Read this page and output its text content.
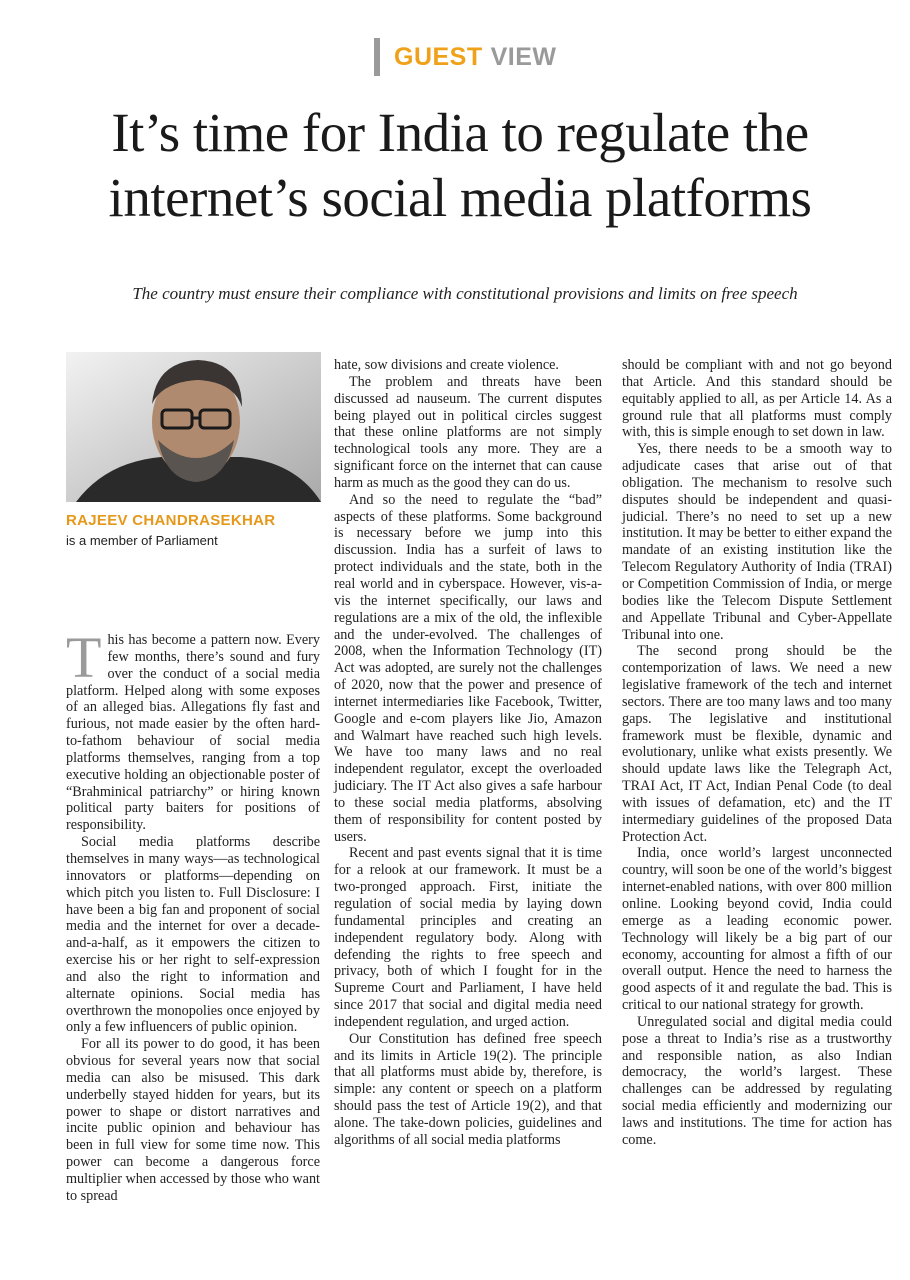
GUEST VIEW
It’s time for India to regulate the
internet’s social media platforms

The country must ensure their compliance with constitutional provisions and limits on free speech

RAJEEV CHANDRASEKHAR
is a member of Parliament

This has become a pattern now. Every few months, there’s sound and fury over the conduct of a social media platform. Helped along with some exposes of an alleged bias. Allegations fly fast and furious, not made easier by the often hard-to-fathom behaviour of social media platforms themselves, ranging from a top executive holding an objectionable poster of “Brahminical patriarchy” or hiring known political party baiters for positions of responsibility.

Social media platforms describe themselves in many ways—as technological innovators or platforms—depending on which pitch you listen to. Full Disclosure: I have been a big fan and proponent of social media and the internet for over a decade-and-a-half, as it empowers the citizen to exercise his or her right to self-expression and also the right to information and alternate opinions. Social media has overthrown the monopolies once enjoyed by only a few influencers of public opinion.

For all its power to do good, it has been obvious for several years now that social media can also be misused. This dark underbelly stayed hidden for years, but its power to shape or distort narratives and incite public opinion and behaviour has been in full view for some time now. This power can become a dangerous force multiplier when accessed by those who want to spread

hate, sow divisions and create violence.

The problem and threats have been discussed ad nauseum. The current disputes being played out in political circles suggest that these online platforms are not simply technological tools any more. They are a significant force on the internet that can cause harm as much as the good they can do us.

And so the need to regulate the “bad” aspects of these platforms. Some background is necessary before we jump into this discussion. India has a surfeit of laws to protect individuals and the state, both in the real world and in cyberspace. However, vis-a-vis the internet specifically, our laws and regulations are a mix of the old, the inflexible and the under-evolved. The challenges of 2008, when the Information Technology (IT) Act was adopted, are surely not the challenges of 2020, now that the power and presence of internet intermediaries like Facebook, Twitter, Google and e-com players like Jio, Amazon and Walmart have reached such high levels. We have too many laws and no real independent regulator, except the overloaded judiciary. The IT Act also gives a safe harbour to these social media platforms, absolving them of responsibility for content posted by users.

Recent and past events signal that it is time for a relook at our framework. It must be a two-pronged approach. First, initiate the regulation of social media by laying down fundamental principles and creating an independent regulatory body. Along with defending the rights to free speech and privacy, both of which I fought for in the Supreme Court and Parliament, I have held since 2017 that social and digital media need independent regulation, and urged action.

Our Constitution has defined free speech and its limits in Article 19(2). The principle that all platforms must abide by, therefore, is simple: any content or speech on a platform should pass the test of Article 19(2), and that alone. The take-down policies, guidelines and algorithms of all social media platforms

should be compliant with and not go beyond that Article. And this standard should be equitably applied to all, as per Article 14. As a ground rule that all platforms must comply with, this is simple enough to set down in law.

Yes, there needs to be a smooth way to adjudicate cases that arise out of that obligation. The mechanism to resolve such disputes should be independent and quasi-judicial. There’s no need to set up a new institution. It may be better to either expand the mandate of an existing institution like the Telecom Regulatory Authority of India (TRAI) or Competition Commission of India, or merge bodies like the Telecom Dispute Settlement and Appellate Tribunal and Cyber-Appellate Tribunal into one.

The second prong should be the contemporization of laws. We need a new legislative framework of the tech and internet sectors. There are too many laws and too many gaps. The legislative and institutional framework must be flexible, dynamic and evolutionary, unlike what exists presently. We should update laws like the Telegraph Act, TRAI Act, IT Act, Indian Penal Code (to deal with issues of defamation, etc) and the IT intermediary guidelines of the proposed Data Protection Act.

India, once world’s largest unconnected country, will soon be one of the world’s biggest internet-enabled nations, with over 800 million online. Looking beyond covid, India could emerge as a leading economic power. Technology will likely be a big part of our economy, accounting for almost a fifth of our overall output. Hence the need to harness the good aspects of it and regulate the bad. This is critical to our national strategy for growth.

Unregulated social and digital media could pose a threat to India’s rise as a trustworthy and responsible nation, as also Indian democracy, the world’s largest. These challenges can be addressed by regulating social media efficiently and modernizing our laws and institutions. The time for action has come.
